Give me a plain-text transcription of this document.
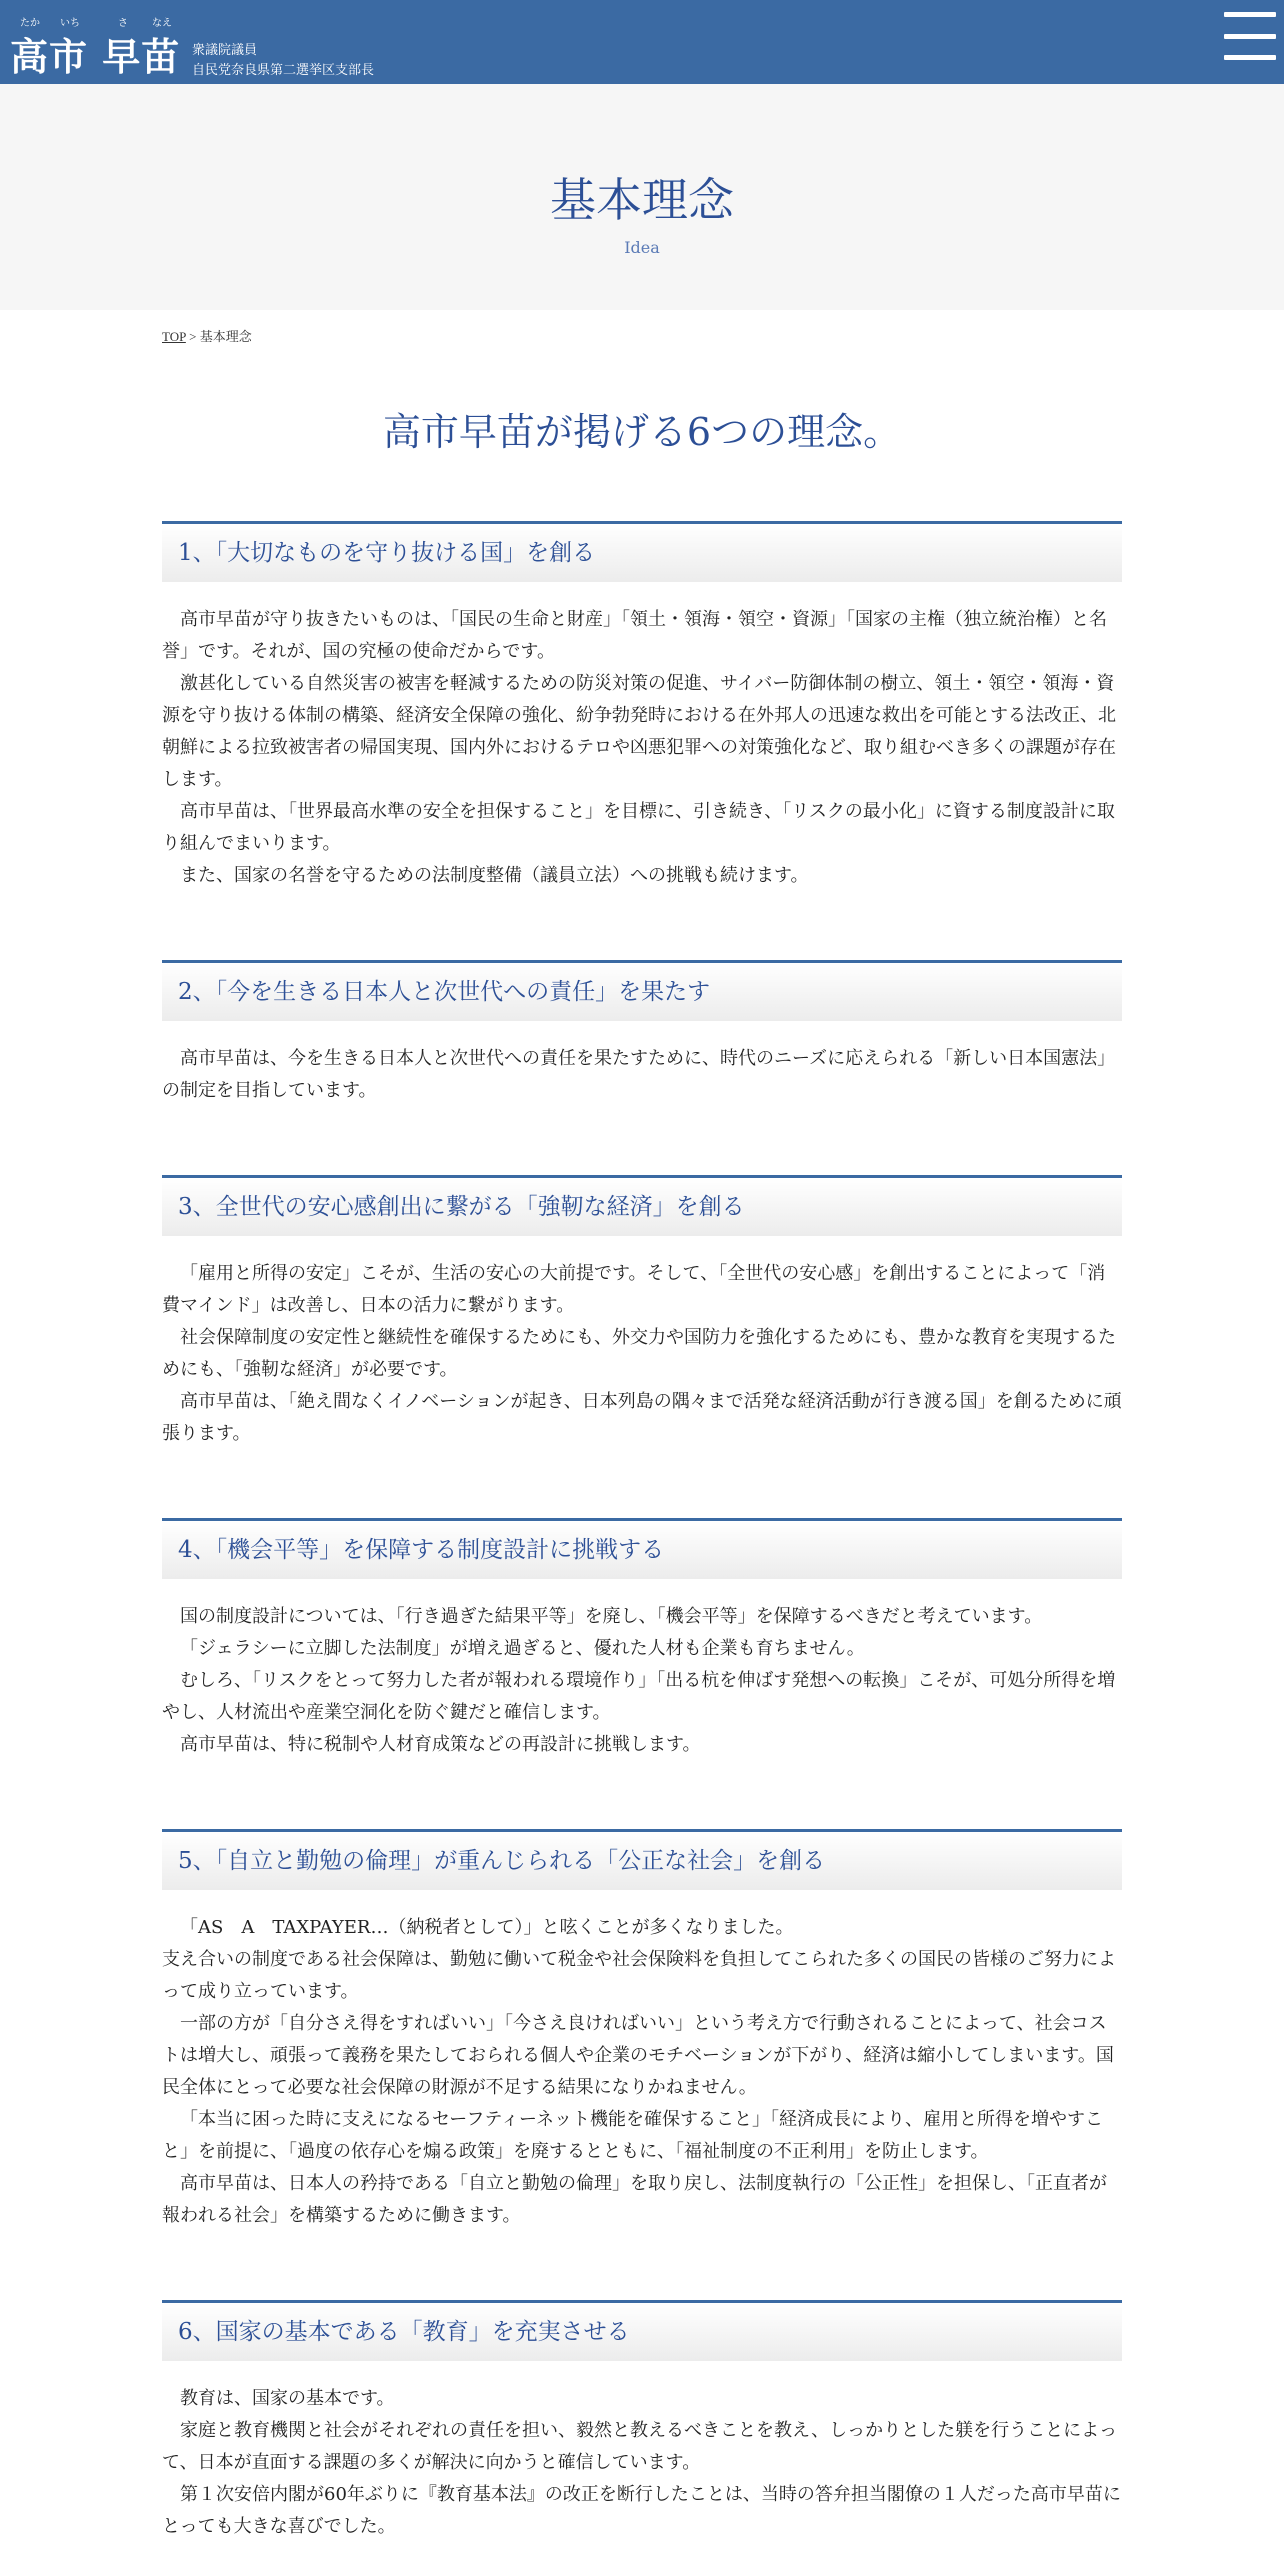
たか いち	さ なえ
高市 早苗 衆議院議員
自民党奈良県第二選挙区支部長
基本理念
Idea
TOP > 基本理念
高市早苗が掲げる6つの理念。
1、「大切なものを守り抜ける国」を創る

高市早苗が守り抜きたいものは、「国民の生命と財産」「領土・領海・領空・資源」「国家の主権（独立統治権）と名誉」です。それが、国の究極の使命だからです。

激甚化している自然災害の被害を軽減するための防災対策の促進、サイバー防御体制の樹立、領土・領空・領海・資源を守り抜ける体制の構築、経済安全保障の強化、紛争勃発時における在外邦人の迅速な救出を可能とする法改正、北朝鮮による拉致被害者の帰国実現、国内外におけるテロや凶悪犯罪への対策強化など、取り組むべき多くの課題が存在します。

高市早苗は、「世界最高水準の安全を担保すること」を目標に、引き続き、「リスクの最小化」に資する制度設計に取り組んでまいります。

また、国家の名誉を守るための法制度整備（議員立法）への挑戦も続けます。

2、「今を生きる日本人と次世代への責任」を果たす

高市早苗は、今を生きる日本人と次世代への責任を果たすために、時代のニーズに応えられる「新しい日本国憲法」の制定を目指しています。

3、全世代の安心感創出に繋がる「強靭な経済」を創る

「雇用と所得の安定」こそが、生活の安心の大前提です。そして、「全世代の安心感」を創出することによって「消費マインド」は改善し、日本の活力に繋がります。

社会保障制度の安定性と継続性を確保するためにも、外交力や国防力を強化するためにも、豊かな教育を実現するためにも、「強靭な経済」が必要です。

高市早苗は、「絶え間なくイノベーションが起き、日本列島の隅々まで活発な経済活動が行き渡る国」を創るために頑張ります。

4、「機会平等」を保障する制度設計に挑戦する

国の制度設計については、「行き過ぎた結果平等」を廃し、「機会平等」を保障するべきだと考えています。

「ジェラシーに立脚した法制度」が増え過ぎると、優れた人材も企業も育ちません。

むしろ、「リスクをとって努力した者が報われる環境作り」「出る杭を伸ばす発想への転換」こそが、可処分所得を増やし、人材流出や産業空洞化を防ぐ鍵だと確信します。

高市早苗は、特に税制や人材育成策などの再設計に挑戦します。

5、「自立と勤勉の倫理」が重んじられる「公正な社会」を創る

「AS　A　TAXPAYER…（納税者として）」と呟くことが多くなりました。

支え合いの制度である社会保障は、勤勉に働いて税金や社会保険料を負担してこられた多くの国民の皆様のご努力によって成り立っています。

一部の方が「自分さえ得をすればいい」「今さえ良ければいい」という考え方で行動されることによって、社会コストは増大し、頑張って義務を果たしておられる個人や企業のモチベーションが下がり、経済は縮小してしまいます。国民全体にとって必要な社会保障の財源が不足する結果になりかねません。

「本当に困った時に支えになるセーフティーネット機能を確保すること」「経済成長により、雇用と所得を増やすこと」を前提に、「過度の依存心を煽る政策」を廃するとともに、「福祉制度の不正利用」を防止します。

高市早苗は、日本人の矜持である「自立と勤勉の倫理」を取り戻し、法制度執行の「公正性」を担保し、「正直者が報われる社会」を構築するために働きます。

6、国家の基本である「教育」を充実させる

教育は、国家の基本です。

家庭と教育機関と社会がそれぞれの責任を担い、毅然と教えるべきことを教え、しっかりとした躾を行うことによって、日本が直面する課題の多くが解決に向かうと確信しています。

第１次安倍内閣が60年ぶりに『教育基本法』の改正を断行したことは、当時の答弁担当閣僚の１人だった高市早苗にとっても大きな喜びでした。
